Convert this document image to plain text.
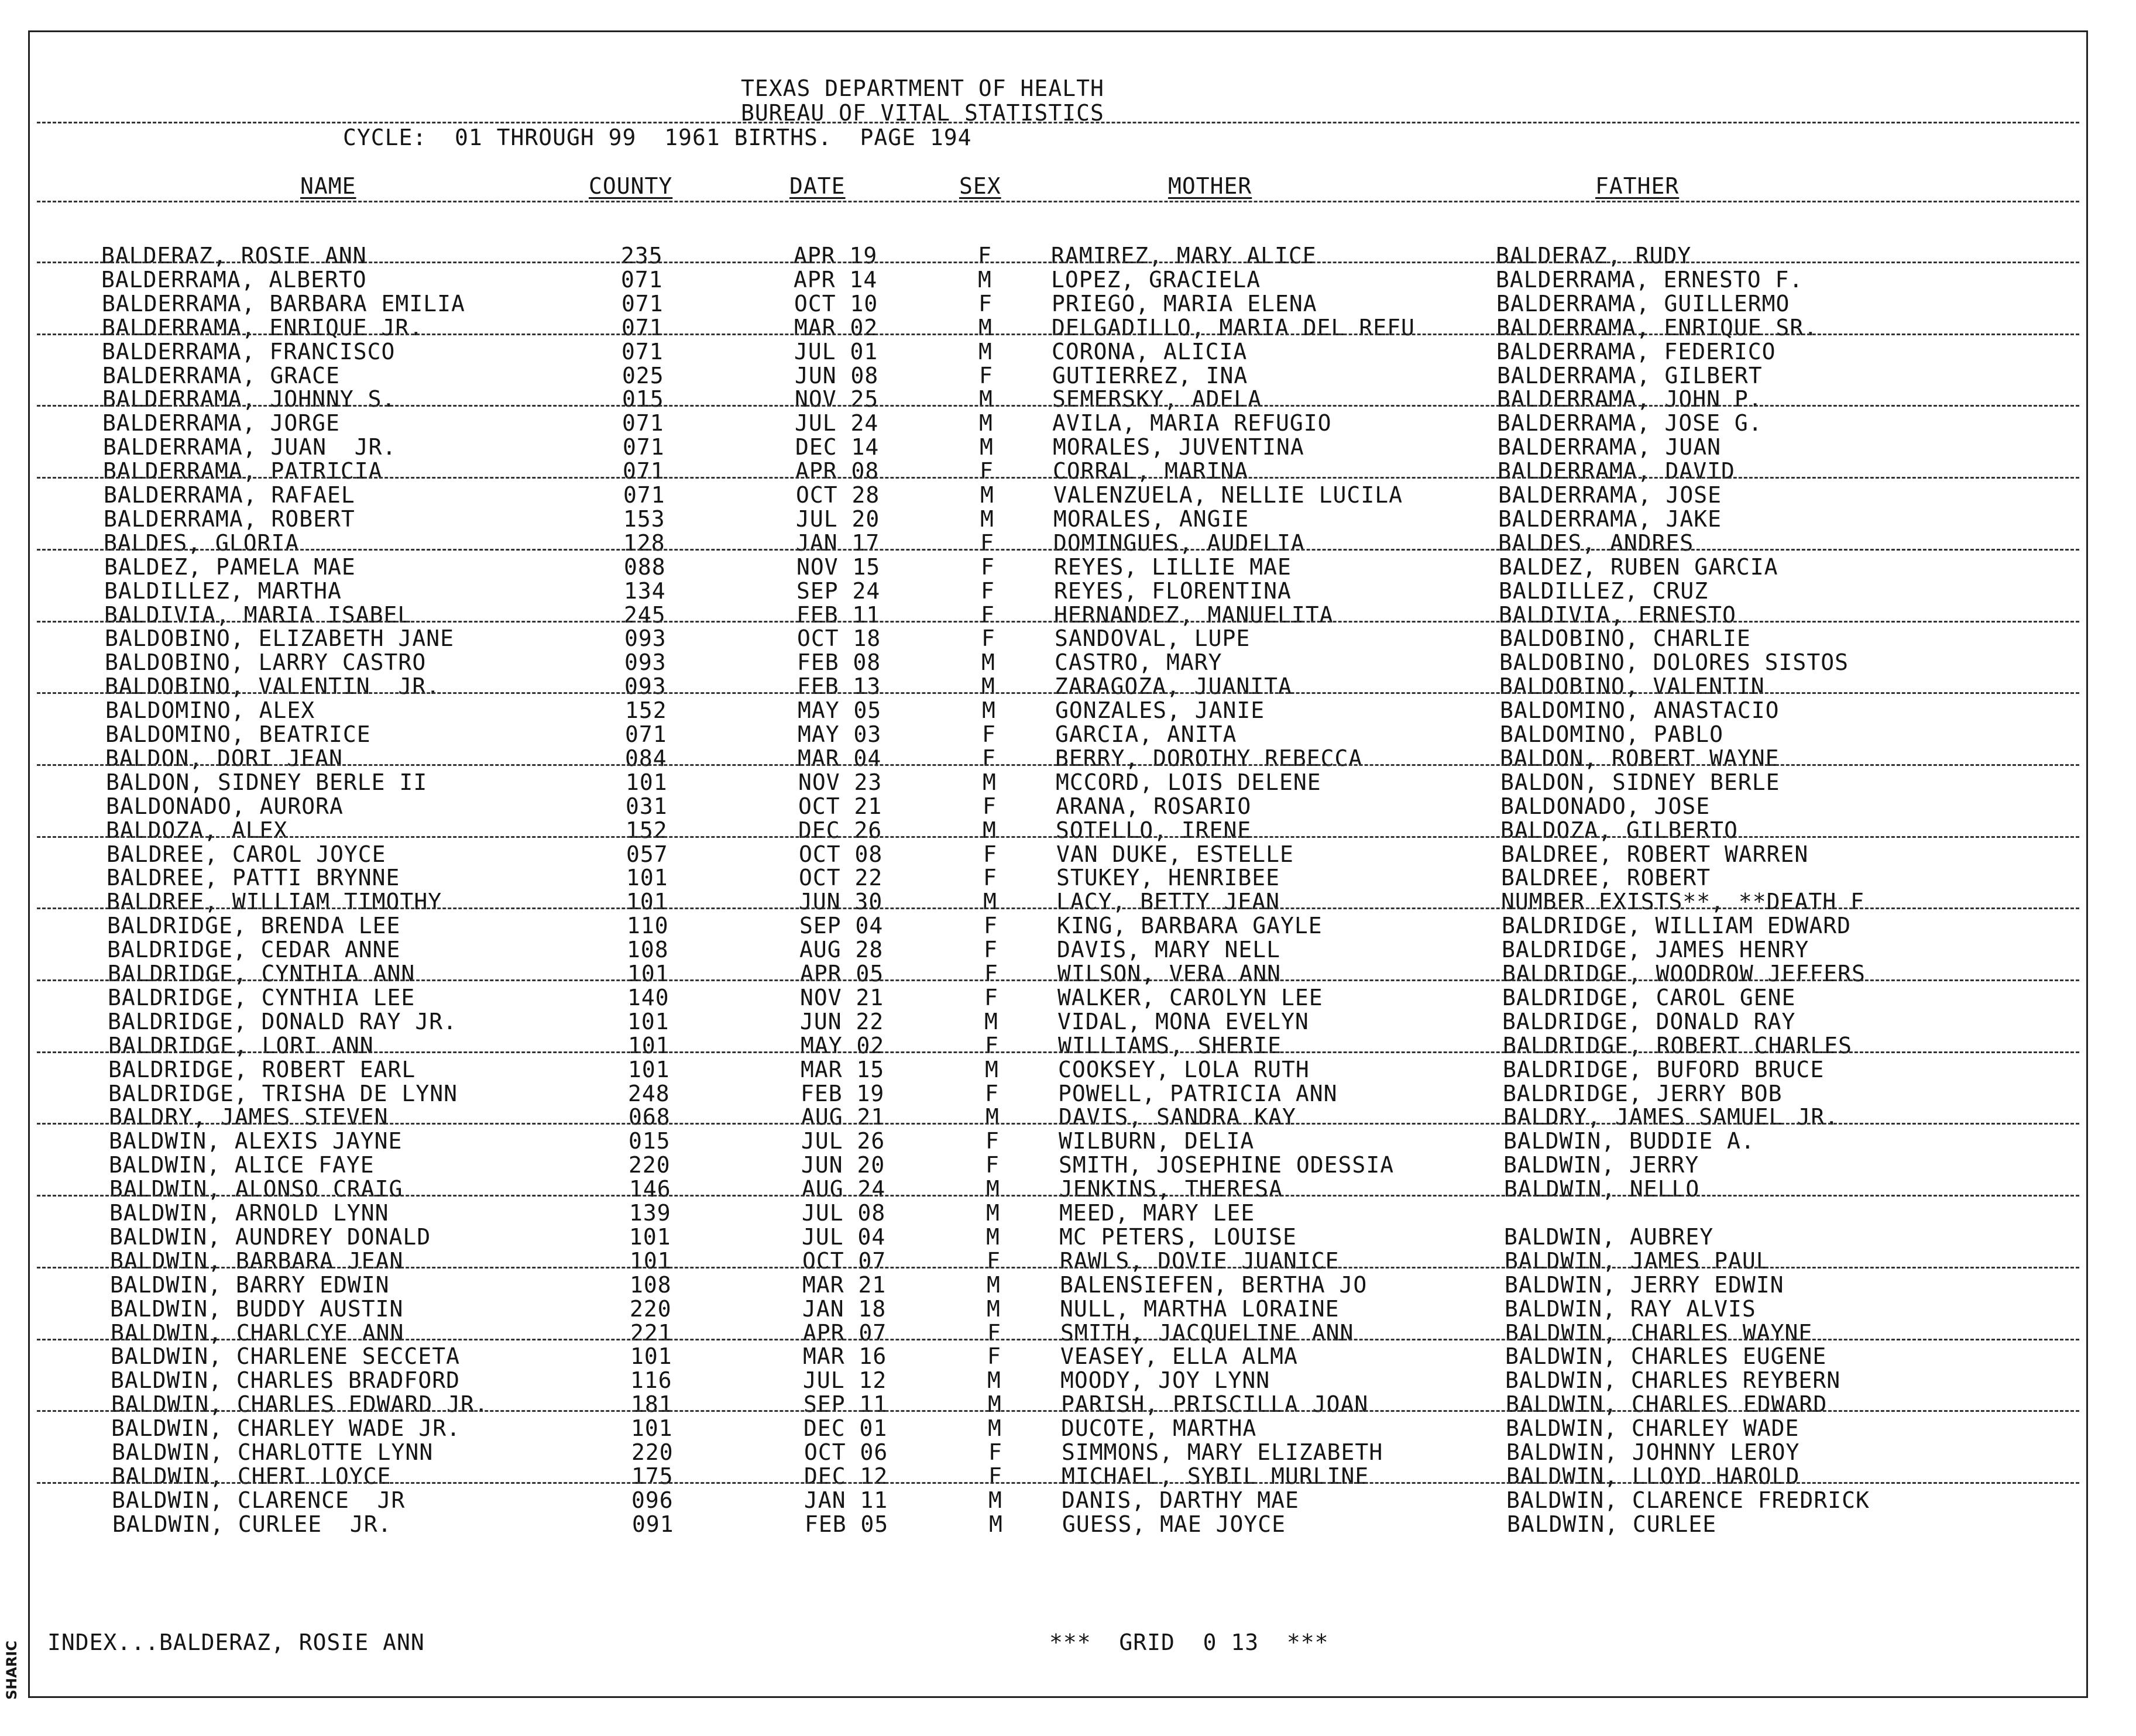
TEXAS DEPARTMENT OF HEALTH
BUREAU OF VITAL STATISTICS
CYCLE:  01 THROUGH 99  1961 BIRTHS.  PAGE 194
NAME	COUNTY	DATE	SEX	MOTHER	FATHER
BALDERAZ, ROSIE ANN	235	APR 19	F	RAMIREZ, MARY ALICE	BALDERAZ, RUDY
BALDERRAMA, ALBERTO	071	APR 14	M	LOPEZ, GRACIELA	BALDERRAMA, ERNESTO F.
BALDERRAMA, BARBARA EMILIA	071	OCT 10	F	PRIEGO, MARIA ELENA	BALDERRAMA, GUILLERMO
BALDERRAMA, ENRIQUE JR.	071	MAR 02	M	DELGADILLO, MARIA DEL REFU	BALDERRAMA, ENRIQUE SR.
BALDERRAMA, FRANCISCO	071	JUL 01	M	CORONA, ALICIA	BALDERRAMA, FEDERICO
BALDERRAMA, GRACE	025	JUN 08	F	GUTIERREZ, INA	BALDERRAMA, GILBERT
BALDERRAMA, JOHNNY S.	015	NOV 25	M	SEMERSKY, ADELA	BALDERRAMA, JOHN P.
BALDERRAMA, JORGE	071	JUL 24	M	AVILA, MARIA REFUGIO	BALDERRAMA, JOSE G.
BALDERRAMA, JUAN  JR.	071	DEC 14	M	MORALES, JUVENTINA	BALDERRAMA, JUAN
BALDERRAMA, PATRICIA	071	APR 08	F	CORRAL, MARINA	BALDERRAMA, DAVID
BALDERRAMA, RAFAEL	071	OCT 28	M	VALENZUELA, NELLIE LUCILA	BALDERRAMA, JOSE
BALDERRAMA, ROBERT	153	JUL 20	M	MORALES, ANGIE	BALDERRAMA, JAKE
BALDES, GLORIA	128	JAN 17	F	DOMINGUES, AUDELIA	BALDES, ANDRES
BALDEZ, PAMELA MAE	088	NOV 15	F	REYES, LILLIE MAE	BALDEZ, RUBEN GARCIA
BALDILLEZ, MARTHA	134	SEP 24	F	REYES, FLORENTINA	BALDILLEZ, CRUZ
BALDIVIA, MARIA ISABEL	245	FEB 11	F	HERNANDEZ, MANUELITA	BALDIVIA, ERNESTO
BALDOBINO, ELIZABETH JANE	093	OCT 18	F	SANDOVAL, LUPE	BALDOBINO, CHARLIE
BALDOBINO, LARRY CASTRO	093	FEB 08	M	CASTRO, MARY	BALDOBINO, DOLORES SISTOS
BALDOBINO, VALENTIN  JR.	093	FEB 13	M	ZARAGOZA, JUANITA	BALDOBINO, VALENTIN
BALDOMINO, ALEX	152	MAY 05	M	GONZALES, JANIE	BALDOMINO, ANASTACIO
BALDOMINO, BEATRICE	071	MAY 03	F	GARCIA, ANITA	BALDOMINO, PABLO
BALDON, DORI JEAN	084	MAR 04	F	BERRY, DOROTHY REBECCA	BALDON, ROBERT WAYNE
BALDON, SIDNEY BERLE II	101	NOV 23	M	MCCORD, LOIS DELENE	BALDON, SIDNEY BERLE
BALDONADO, AURORA	031	OCT 21	F	ARANA, ROSARIO	BALDONADO, JOSE
BALDOZA, ALEX	152	DEC 26	M	SOTELLO, IRENE	BALDOZA, GILBERTO
BALDREE, CAROL JOYCE	057	OCT 08	F	VAN DUKE, ESTELLE	BALDREE, ROBERT WARREN
BALDREE, PATTI BRYNNE	101	OCT 22	F	STUKEY, HENRIBEE	BALDREE, ROBERT
BALDREE, WILLIAM TIMOTHY	101	JUN 30	M	LACY, BETTY JEAN	NUMBER EXISTS**, **DEATH F
BALDRIDGE, BRENDA LEE	110	SEP 04	F	KING, BARBARA GAYLE	BALDRIDGE, WILLIAM EDWARD
BALDRIDGE, CEDAR ANNE	108	AUG 28	F	DAVIS, MARY NELL	BALDRIDGE, JAMES HENRY
BALDRIDGE, CYNTHIA ANN	101	APR 05	F	WILSON, VERA ANN	BALDRIDGE, WOODROW JEFFERS
BALDRIDGE, CYNTHIA LEE	140	NOV 21	F	WALKER, CAROLYN LEE	BALDRIDGE, CAROL GENE
BALDRIDGE, DONALD RAY JR.	101	JUN 22	M	VIDAL, MONA EVELYN	BALDRIDGE, DONALD RAY
BALDRIDGE, LORI ANN	101	MAY 02	F	WILLIAMS, SHERIE	BALDRIDGE, ROBERT CHARLES
BALDRIDGE, ROBERT EARL	101	MAR 15	M	COOKSEY, LOLA RUTH	BALDRIDGE, BUFORD BRUCE
BALDRIDGE, TRISHA DE LYNN	248	FEB 19	F	POWELL, PATRICIA ANN	BALDRIDGE, JERRY BOB
BALDRY, JAMES STEVEN	068	AUG 21	M	DAVIS, SANDRA KAY	BALDRY, JAMES SAMUEL JR.
BALDWIN, ALEXIS JAYNE	015	JUL 26	F	WILBURN, DELIA	BALDWIN, BUDDIE A.
BALDWIN, ALICE FAYE	220	JUN 20	F	SMITH, JOSEPHINE ODESSIA	BALDWIN, JERRY
BALDWIN, ALONSO CRAIG	146	AUG 24	M	JENKINS, THERESA	BALDWIN, NELLO
BALDWIN, ARNOLD LYNN	139	JUL 08	M	MEED, MARY LEE
BALDWIN, AUNDREY DONALD	101	JUL 04	M	MC PETERS, LOUISE	BALDWIN, AUBREY
BALDWIN, BARBARA JEAN	101	OCT 07	F	RAWLS, DOVIE JUANICE	BALDWIN, JAMES PAUL
BALDWIN, BARRY EDWIN	108	MAR 21	M	BALENSIEFEN, BERTHA JO	BALDWIN, JERRY EDWIN
BALDWIN, BUDDY AUSTIN	220	JAN 18	M	NULL, MARTHA LORAINE	BALDWIN, RAY ALVIS
BALDWIN, CHARLCYE ANN	221	APR 07	F	SMITH, JACQUELINE ANN	BALDWIN, CHARLES WAYNE
BALDWIN, CHARLENE SECCETA	101	MAR 16	F	VEASEY, ELLA ALMA	BALDWIN, CHARLES EUGENE
BALDWIN, CHARLES BRADFORD	116	JUL 12	M	MOODY, JOY LYNN	BALDWIN, CHARLES REYBERN
BALDWIN, CHARLES EDWARD JR.	181	SEP 11	M	PARISH, PRISCILLA JOAN	BALDWIN, CHARLES EDWARD
BALDWIN, CHARLEY WADE JR.	101	DEC 01	M	DUCOTE, MARTHA	BALDWIN, CHARLEY WADE
BALDWIN, CHARLOTTE LYNN	220	OCT 06	F	SIMMONS, MARY ELIZABETH	BALDWIN, JOHNNY LEROY
BALDWIN, CHERI LOYCE	175	DEC 12	F	MICHAEL, SYBIL MURLINE	BALDWIN, LLOYD HAROLD
BALDWIN, CLARENCE  JR	096	JAN 11	M	DANIS, DARTHY MAE	BALDWIN, CLARENCE FREDRICK
BALDWIN, CURLEE  JR.	091	FEB 05	M	GUESS, MAE JOYCE	BALDWIN, CURLEE
INDEX...BALDERAZ, ROSIE ANN	***  GRID  0 13  ***
SHARIC
